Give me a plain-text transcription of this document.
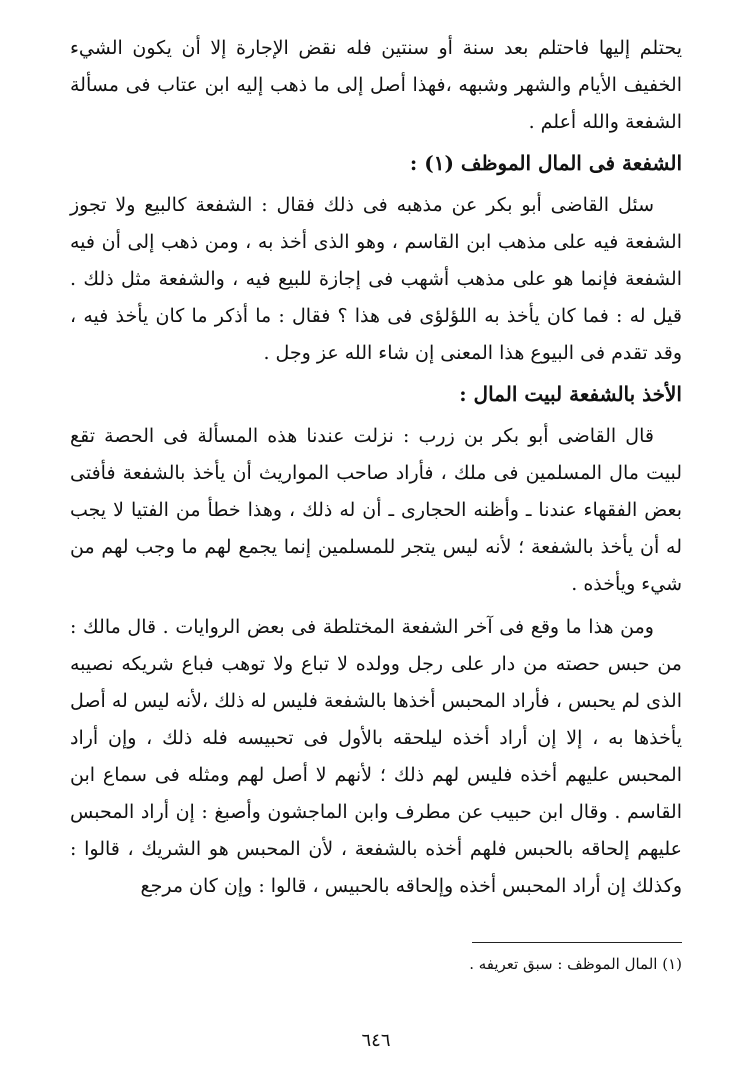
يحتلم إليها فاحتلم بعد سنة أو سنتين فله نقض الإجارة إلا أن يكون الشيء الخفيف الأيام والشهر وشبهه ،فهذا أصل إلى ما ذهب إليه ابن عتاب فى مسألة الشفعة والله أعلم .

الشفعة فى المال الموظف (١) :

سئل القاضى أبو بكر عن مذهبه فى ذلك فقال : الشفعة كالبيع ولا تجوز الشفعة فيه على مذهب ابن القاسم ، وهو الذى أخذ به ، ومن ذهب إلى أن فيه الشفعة فإنما هو على مذهب أشهب فى إجازة للبيع فيه ، والشفعة مثل ذلك . قيل له : فما كان يأخذ به اللؤلؤى فى هذا ؟ فقال : ما أذكر ما كان يأخذ فيه ، وقد تقدم فى البيوع هذا المعنى إن شاء الله عز وجل .

الأخذ بالشفعة لبيت المال :

قال القاضى أبو بكر بن زرب : نزلت عندنا هذه المسألة فى الحصة تقع لبيت مال المسلمين فى ملك ، فأراد صاحب المواريث أن يأخذ بالشفعة فأفتى بعض الفقهاء عندنا ـ وأظنه الحجارى ـ أن له ذلك ، وهذا خطأ من الفتيا لا يجب له أن يأخذ بالشفعة ؛ لأنه ليس يتجر للمسلمين إنما يجمع لهم ما وجب لهم من شيء ويأخذه .

ومن هذا ما وقع فى آخر الشفعة المختلطة فى بعض الروايات . قال مالك : من حبس حصته من دار على رجل وولده لا تباع ولا توهب فباع شريكه نصيبه الذى لم يحبس ، فأراد المحبس أخذها بالشفعة فليس له ذلك ،لأنه ليس له أصل يأخذها به ، إلا إن أراد أخذه ليلحقه بالأول فى تحبيسه فله ذلك ، وإن أراد المحبس عليهم أخذه فليس لهم ذلك ؛ لأنهم لا أصل لهم ومثله فى سماع ابن القاسم . وقال ابن حبيب عن مطرف وابن الماجشون وأصبغ : إن أراد المحبس عليهم إلحاقه بالحبس فلهم أخذه بالشفعة ، لأن المحبس هو الشريك ، قالوا : وكذلك إن أراد المحبس أخذه وإلحاقه بالحبيس ، قالوا : وإن كان مرجع

(١) المال الموظف : سبق تعريفه .

٦٤٦
